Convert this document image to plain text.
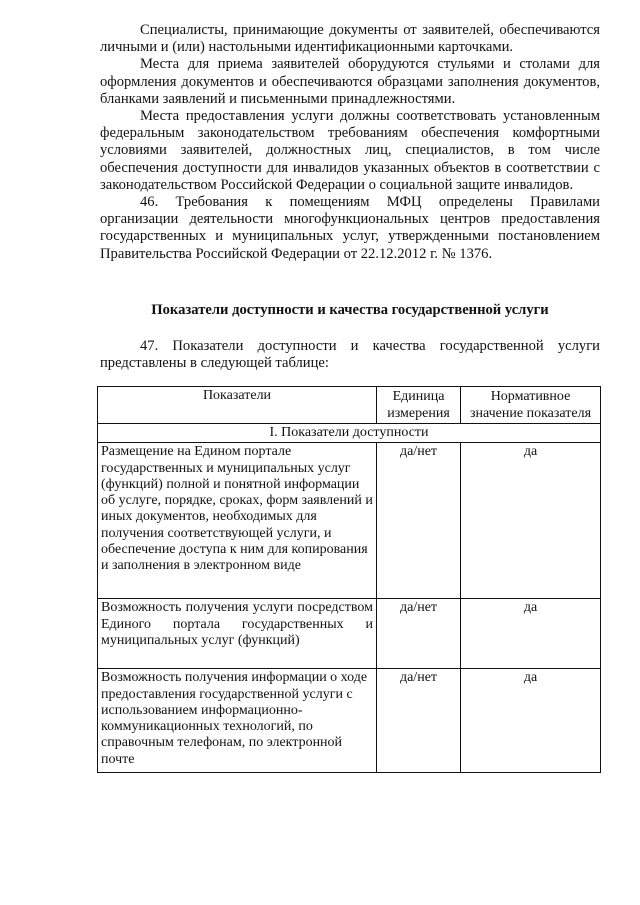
Специалисты, принимающие документы от заявителей, обеспечиваются личными и (или) настольными идентификационными карточками.

Места для приема заявителей оборудуются стульями и столами для оформления документов и обеспечиваются образцами заполнения документов, бланками заявлений и письменными принадлежностями.

Места предоставления услуги должны соответствовать установленным федеральным законодательством требованиям обеспечения комфортными условиями заявителей, должностных лиц, специалистов, в том числе обеспечения доступности для инвалидов указанных объектов в соответствии с законодательством Российской Федерации о социальной защите инвалидов.

46. Требования к помещениям МФЦ определены Правилами организации деятельности многофункциональных центров предоставления государственных и муниципальных услуг, утвержденными постановлением Правительства Российской Федерации от 22.12.2012 г. № 1376.

Показатели доступности и качества государственной услуги
47. Показатели доступности и качества государственной услуги представлены в следующей таблице:
Показатели	Единица измерения	Нормативное значение показателя
I. Показатели доступности		
Размещение на Едином портале государственных и муниципальных услуг (функций) полной и понятной информации об услуге, порядке, сроках, форм заявлений и иных документов, необходимых для получения соответствующей услуги, и обеспечение доступа к ним для копирования и заполнения в электронном виде	да/нет	да
Возможность получения услуги посредством Единого портала государственных и муниципальных услуг (функций)	да/нет	да
Возможность получения информации о ходе предоставления государственной услуги с использованием информационно-коммуникационных технологий, по справочным телефонам, по электронной почте	да/нет	да
